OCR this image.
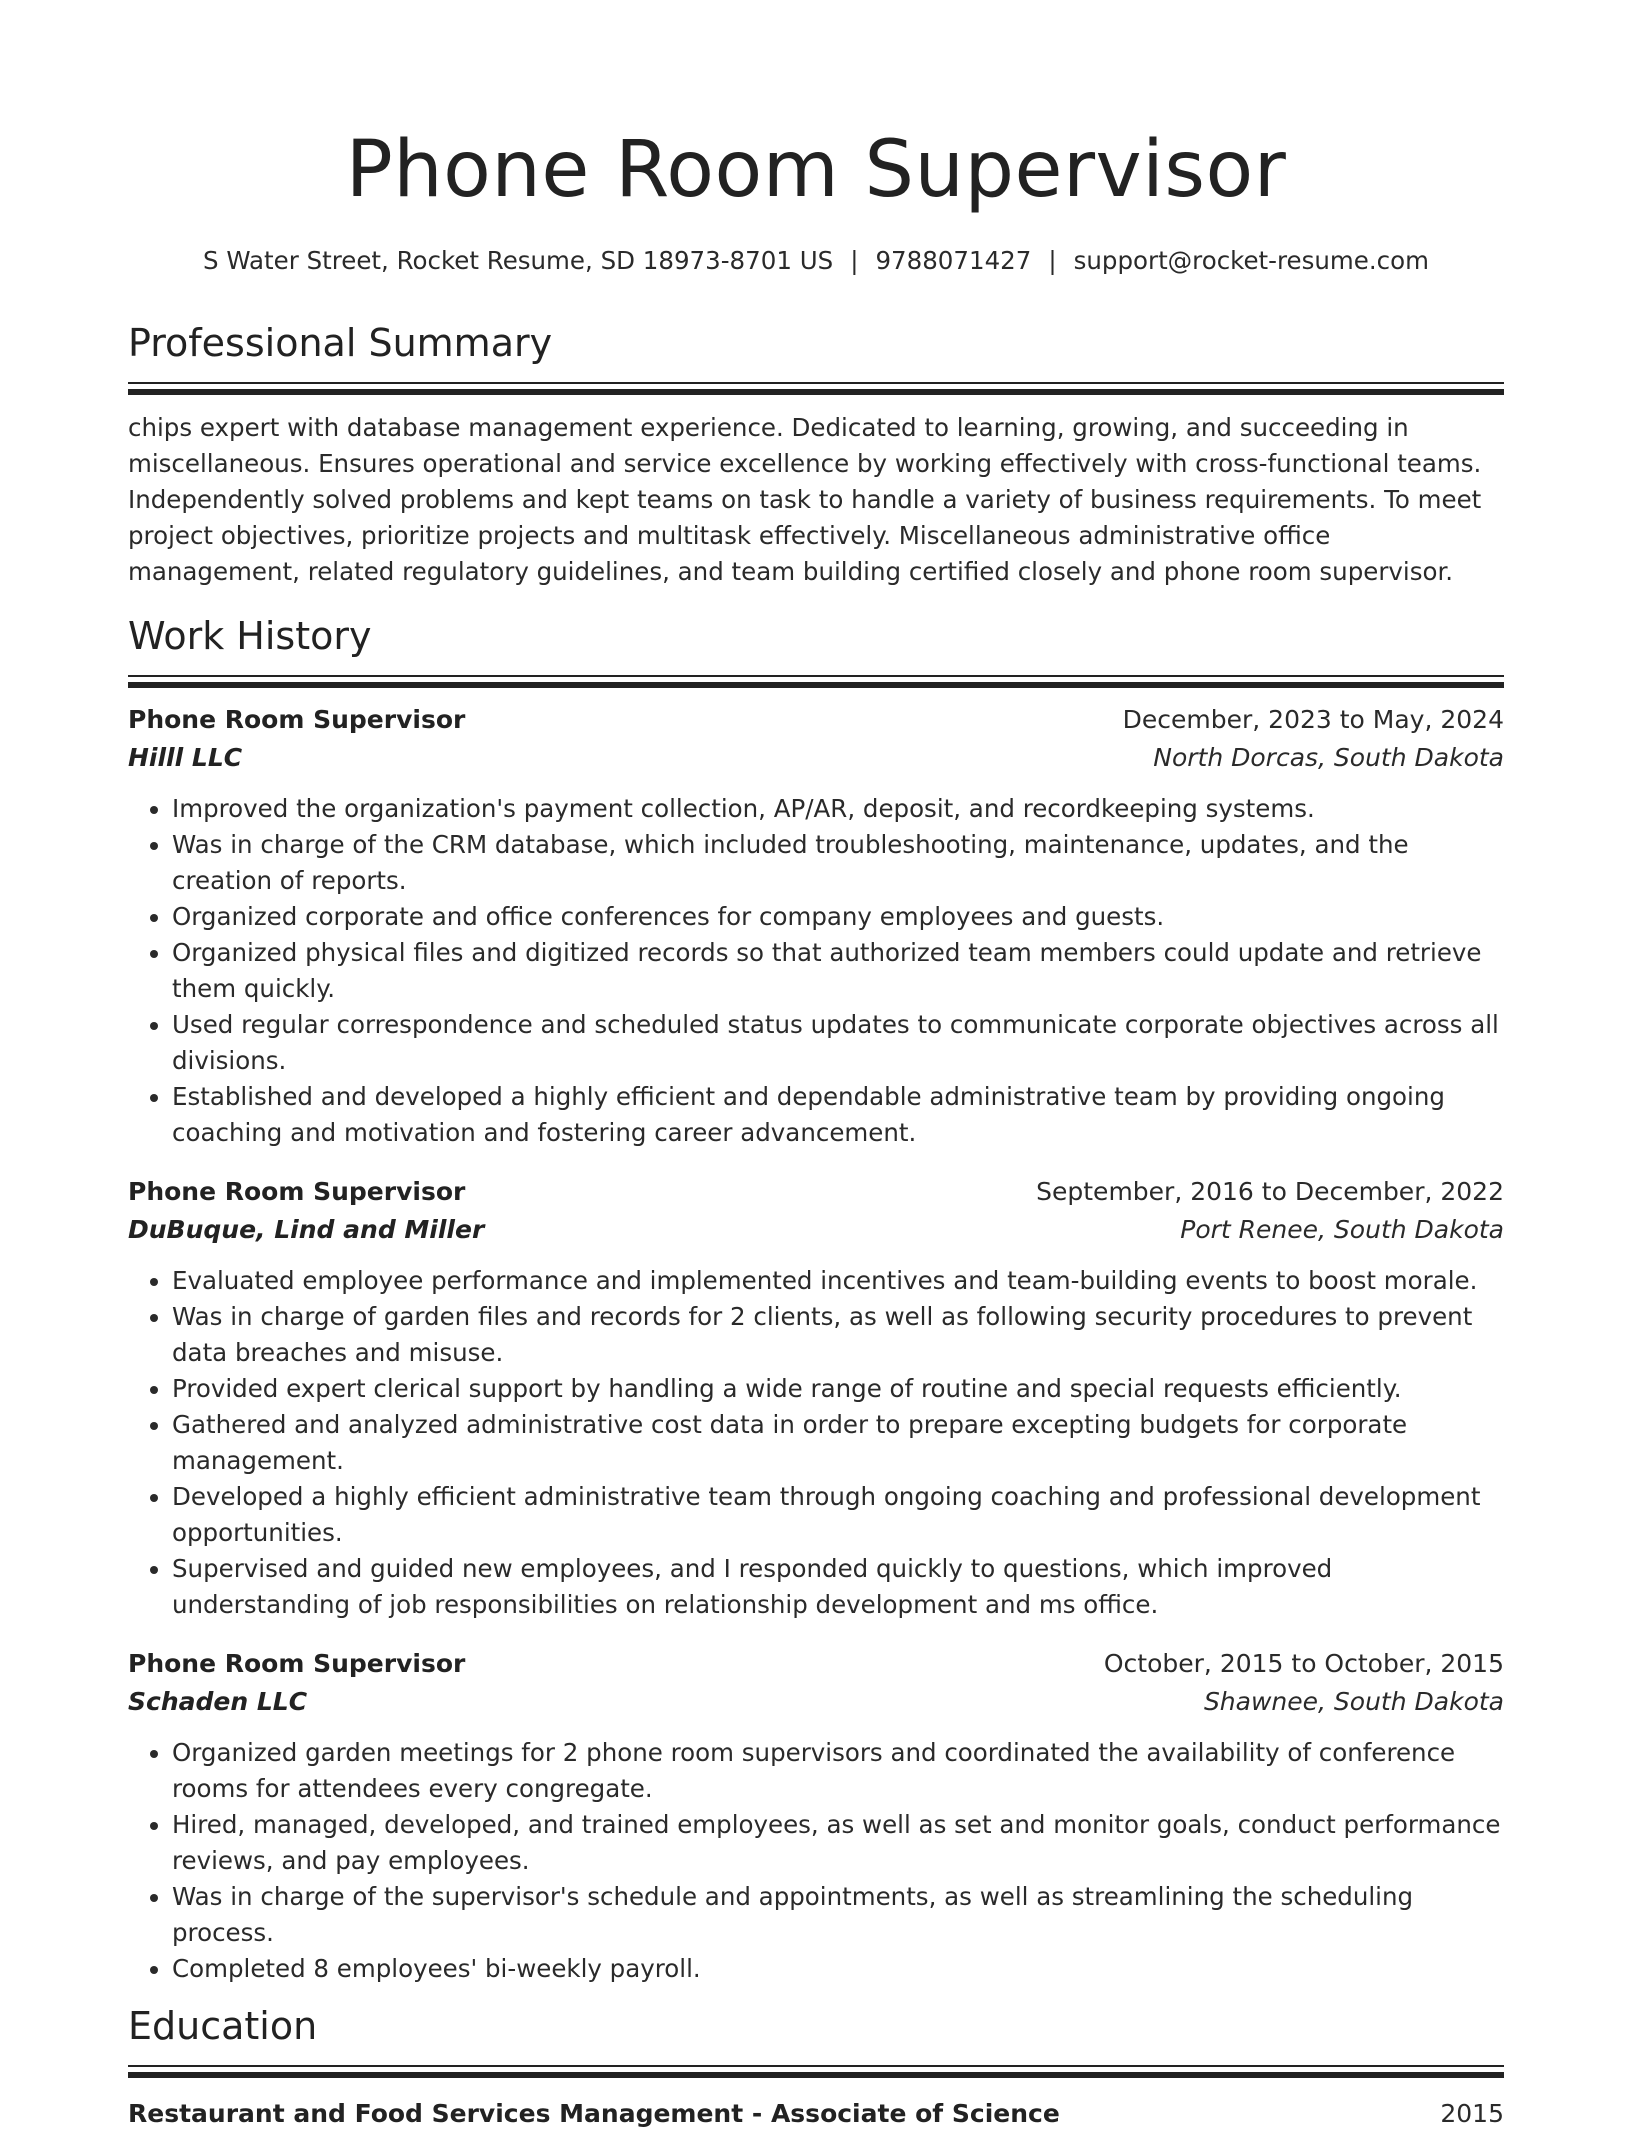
Phone Room Supervisor
S Water Street, Rocket Resume, SD 18973-8701 US | 9788071427 | support@rocket-resume.com
Professional Summary
chips expert with database management experience. Dedicated to learning, growing, and succeeding in miscellaneous. Ensures operational and service excellence by working effectively with cross-functional teams. Independently solved problems and kept teams on task to handle a variety of business requirements. To meet project objectives, prioritize projects and multitask effectively. Miscellaneous administrative office management, related regulatory guidelines, and team building certified closely and phone room supervisor.
Work History
Phone Room Supervisor	December, 2023 to May, 2024
Hilll LLC	North Dorcas, South Dakota
• Improved the organization's payment collection, AP/AR, deposit, and recordkeeping systems.
• Was in charge of the CRM database, which included troubleshooting, maintenance, updates, and the creation of reports.
• Organized corporate and office conferences for company employees and guests.
• Organized physical files and digitized records so that authorized team members could update and retrieve them quickly.
• Used regular correspondence and scheduled status updates to communicate corporate objectives across all divisions.
• Established and developed a highly efficient and dependable administrative team by providing ongoing coaching and motivation and fostering career advancement.
Phone Room Supervisor	September, 2016 to December, 2022
DuBuque, Lind and Miller	Port Renee, South Dakota
• Evaluated employee performance and implemented incentives and team-building events to boost morale.
• Was in charge of garden files and records for 2 clients, as well as following security procedures to prevent data breaches and misuse.
• Provided expert clerical support by handling a wide range of routine and special requests efficiently.
• Gathered and analyzed administrative cost data in order to prepare excepting budgets for corporate management.
• Developed a highly efficient administrative team through ongoing coaching and professional development opportunities.
• Supervised and guided new employees, and I responded quickly to questions, which improved understanding of job responsibilities on relationship development and ms office.
Phone Room Supervisor	October, 2015 to October, 2015
Schaden LLC	Shawnee, South Dakota
• Organized garden meetings for 2 phone room supervisors and coordinated the availability of conference rooms for attendees every congregate.
• Hired, managed, developed, and trained employees, as well as set and monitor goals, conduct performance reviews, and pay employees.
• Was in charge of the supervisor's schedule and appointments, as well as streamlining the scheduling process.
• Completed 8 employees' bi-weekly payroll.
Education
Restaurant and Food Services Management - Associate of Science	2015
